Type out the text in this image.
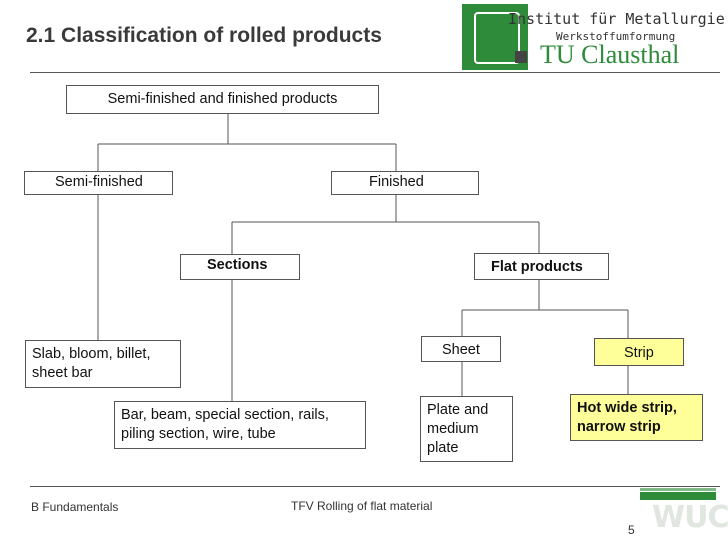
2.1 Classification of rolled products
Institut für Metallurgie
Werkstoffumformung
TU Clausthal
Semi-finished and finished products
Semi-finished	Finished
Sections	Flat products
Slab, bloom, billet, sheet bar
Sheet	Strip
Bar, beam, special section, rails, piling section, wire, tube
Plate and medium plate
Hot wide strip, narrow strip
B Fundamentals	TFV Rolling of flat material	WUC
5
